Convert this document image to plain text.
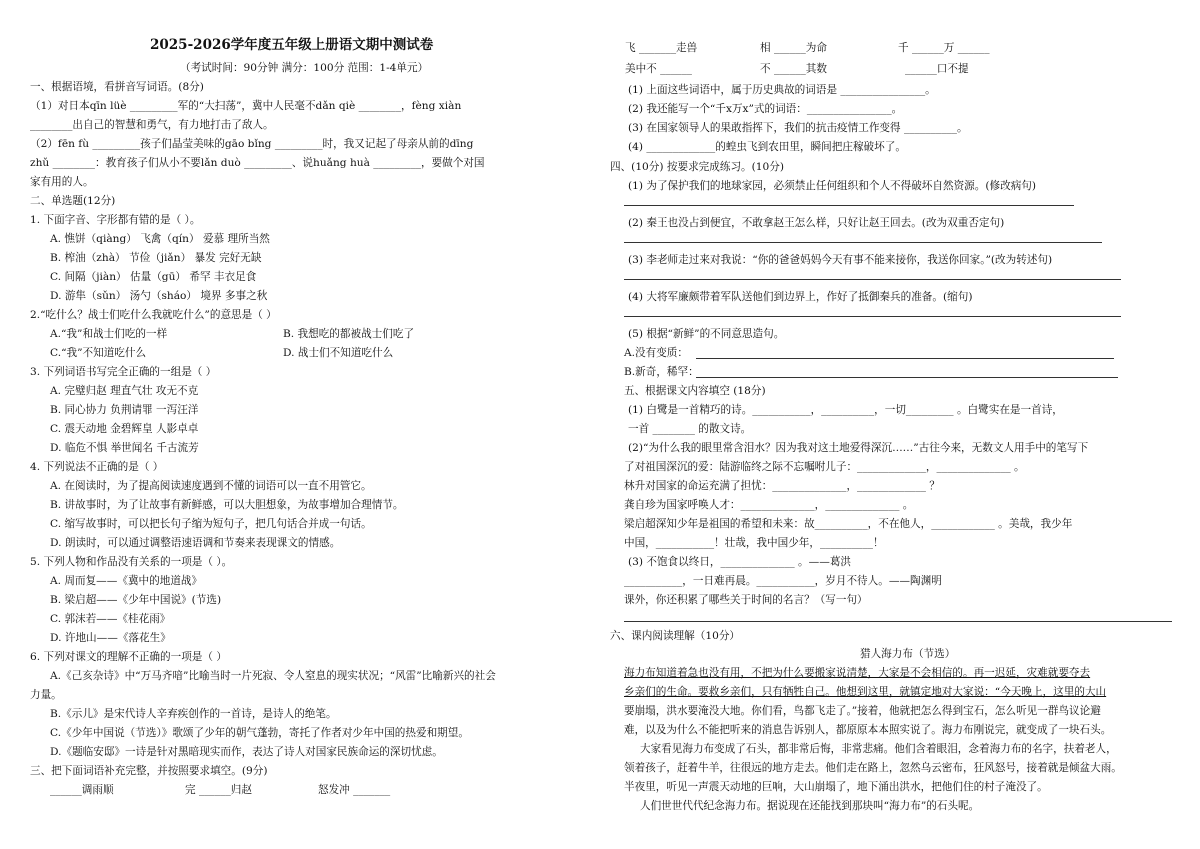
2025-2026学年度五年级上册语文期中测试卷
（考试时间：90分钟 满分：100分 范围：1-4单元）
一、根据语境，看拼音写词语。(8分)
（1）对日本qīn lüè _________军的“大扫荡”，冀中人民毫不dǎn qiè ________，fèng xiàn
________出自己的智慧和勇气，有力地打击了敌人。
（2）fēn fù _________孩子们晶莹美味的gāo bǐng _________时，我又记起了母亲从前的dīng
zhǔ ________：教育孩子们从小不要lǎn duò _________、说huǎng huà _________，要做个对国
家有用的人。
二、单选题(12分)
1. 下面字音、字形都有错的是（ ）。
A. 憔饼（qiàng） 飞禽（qín） 爱慕 理所当然
B. 榨油（zhà） 节俭（jiǎn） 暴发 完好无缺
C. 间隔（jiàn） 估量（gū） 希罕 丰衣足食
D. 游隼（sǔn） 汤勺（sháo） 境界 多事之秋
2.“吃什么？战士们吃什么我就吃什么”的意思是（ ）
A.“我”和战士们吃的一样	B. 我想吃的都被战士们吃了
C.“我”不知道吃什么	D. 战士们不知道吃什么
3. 下列词语书写完全正确的一组是（ ）
A. 完璧归赵 理直气壮 攻无不克
B. 同心协力 负荆请罪 一泻汪洋
C. 震天动地 金碧辉皇 人影卓卓
D. 临危不惧 举世闻名 千古流芳
4. 下列说法不正确的是（ ）
A. 在阅读时，为了提高阅读速度遇到不懂的词语可以一直不用管它。
B. 讲故事时，为了让故事有新鲜感，可以大胆想象，为故事增加合理情节。
C. 缩写故事时，可以把长句子缩为短句子，把几句话合并成一句话。
D. 朗读时，可以通过调整语速语调和节奏来表现课文的情感。
5. 下列人物和作品没有关系的一项是（ ）。
A. 周而复——《冀中的地道战》
B. 梁启超——《少年中国说》(节选)
C. 郭沫若——《桂花雨》
D. 许地山——《落花生》
6. 下列对课文的理解不正确的一项是（ ）
A.《己亥杂诗》中“万马齐喑”比喻当时一片死寂、令人窒息的现实状况；“风雷”比喻新兴的社会
力量。
B.《示儿》是宋代诗人辛弃疾创作的一首诗，是诗人的绝笔。
C.《少年中国说（节选）》歌颂了少年的朝气蓬勃，寄托了作者对少年中国的热爱和期望。
D.《题临安邸》一诗是针对黑暗现实而作，表达了诗人对国家民族命运的深切忧虑。
三、把下面词语补充完整，并按照要求填空。(9分)
______调雨顺	完 ______归赵	怒发冲 _______
飞 _______走兽	相 ______为命	千 ______万 ______
美中不 ______	不 ______其数	______口不提
(1) 上面这些词语中，属于历史典故的词语是 ________________。
(2) 我还能写一个“千x万x”式的词语：________________。
(3) 在国家领导人的果敢指挥下，我们的抗击疫情工作变得 __________。
(4) _____________的蝗虫飞到农田里，瞬间把庄稼破坏了。
四、(10分) 按要求完成练习。(10分)
(1) 为了保护我们的地球家园，必须禁止任何组织和个人不得破坏自然资源。(修改病句)
(2) 秦王也没占到便宜，不敢拿赵王怎么样，只好让赵王回去。(改为双重否定句)
(3) 李老师走过来对我说：“你的爸爸妈妈今天有事不能来接你，我送你回家。”(改为转述句)
(4) 大将军廉颇带着军队送他们到边界上，作好了抵御秦兵的准备。(缩句)
(5) 根据“新鲜”的不同意思造句。
A.没有变质：
B.新奇，稀罕：
五、根据课文内容填空 (18分)
(1) 白鹭是一首精巧的诗。___________，__________，一切_________ 。白鹭实在是一首诗，
一首 ________ 的散文诗。
(2)“为什么我的眼里常含泪水？因为我对这土地爱得深沉……”古往今来，无数文人用手中的笔写下
了对祖国深沉的爱：陆游临终之际不忘嘱咐儿子：_____________，______________ 。
林升对国家的命运充满了担忧：______________，_____________ ？
龚自珍为国家呼唤人才：______________，______________ 。
梁启超深知少年是祖国的希望和未来：故__________，不在他人，____________ 。美哉，我少年
中国，___________！壮哉，我中国少年，__________！
(3) 不饱食以终日，______________ 。——葛洪
___________，一日难再晨。___________，岁月不待人。——陶渊明
课外，你还积累了哪些关于时间的名言？（写一句）
六、课内阅读理解（10分）
猎人海力布（节选）
海力布知道着急也没有用，不把为什么要搬家说清楚，大家是不会相信的。再一迟延，灾难就要夺去
乡亲们的生命。要救乡亲们，只有牺牲自己。他想到这里，就镇定地对大家说：“今天晚上，这里的大山
要崩塌，洪水要淹没大地。你们看，鸟都飞走了。”接着，他就把怎么得到宝石，怎么听见一群鸟议论避
难，以及为什么不能把听来的消息告诉别人，都原原本本照实说了。海力布刚说完，就变成了一块石头。
大家看见海力布变成了石头，都非常后悔，非常悲痛。他们含着眼泪，念着海力布的名字，扶着老人，
领着孩子，赶着牛羊，往很远的地方走去。他们走在路上，忽然乌云密布，狂风怒号，接着就是倾盆大雨。
半夜里，听见一声震天动地的巨响，大山崩塌了，地下涌出洪水，把他们住的村子淹没了。
人们世世代代纪念海力布。据说现在还能找到那块叫“海力布”的石头呢。
